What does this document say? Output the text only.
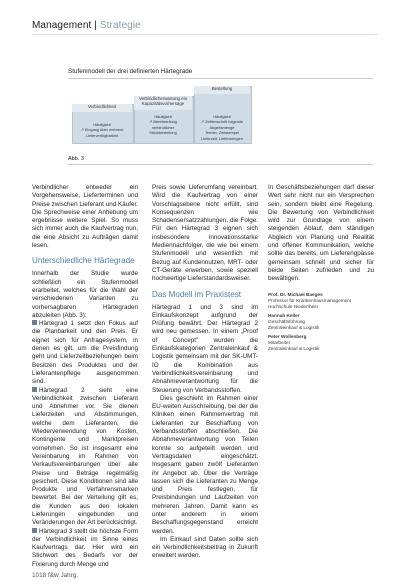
Management | Strategie
Stufenmodell der drei definierten Härtegrade
Bestellung
Häufigkeit
↗ Zeitlenschritt folgende
Abgeltsmenge
Termin, Zeitstempel
Lieferzeit, Liefermengen
Verbindlicherwartung ein
Kapazitätsvorhersage
Häufigkeit
↗ Bereitstellung
verbindlicher
Stückbestellung
Verbindlichkeit
Häufigkeit
↗ Eingang über mehrere
Lieferverfügbarkeit
Abb. 3

Verbindlicher entweder ein Vorgehensweise, Lieferterminen und Preise zwischen Lieferant und Käufer. Die Sprechweise einer Anhebung um ergebnisse weitere Spiel. So muss sich immer auch die Kaufvertrag nun, die eine Absicht zu Aufträgen damit lesen.

Unterschiedliche Härtegrade

Innerhalb der Studie wurde schließlich ein Stufenmodell erarbeitet, welches für die Wahl der verschiedenen Varianten zu vorhersagbaren Härtegraden abzuleiten (Abb. 3):

Härtegrad 1 setzt den Fokus auf die Planbarkeit und den Preis. Er eignet sich für Anfragesystem, in denen es gilt, um die Preisfindung geht und Lieferzeitbeziehungen beim Besitzen des Produktes und der Lieferantenpflege ausgenommen sind.

Härtegrad 2 sieht eine Verbindlichkeit zwischen Lieferant und Abnehmer vor. Sie dienen Lieferzeiten und Abstimmungen, welche dem Lieferanten, die Wiederverwendung von Kosten, Kontingente und Marktpreisen vornehmen. So ist insgesamt eine Vereinbarung im Rahmen von Verkaufsvereinbarungen über alle Preise und Beträge regelmäßig gesichert. Diese Konditionen sind alle Produkte und Verfahrensmarken bewertet. Bei der Verteilung gilt es, die Kunden aus den lokalen Lieferungen eingebunden und Veränderungen der Art berücksichtigt.

Härtegrad 3 stellt die höchste Form der Verbindlichkeit im Sinne eines Kaufvertrags dar. Hier wird ein Stichwort des Bedarfs vor der Fixierung durch Menge und

Preis sowie Lieferumfang vereinbart. Wird die Kaufvertrag von einer Vorschlagsebene nicht erfüllt, sind Konsequenzen wie Schadensersatzzahlungen, die Folge. Für den Härtegrad 3 eignen sich insbesondere innovationsstarke Mediennachfolger, die wie bei einem Stufenmodell und wesentlich mit Bezug auf Kundennutzen, MRT- oder CT-Geräte erwerben, sowie speziell hochwertige Lieferstandardsweiser.

Das Modell im Praxistest

Härtegrad 1 und 3 sind im Einkaufskonzept aufgrund der Prüfung bewährt. Der Härtegrad 2 wird neu gemessen. In einem „Proof of Concept" wurden die Einkaufskategorien Zentraleinkauf & Logistik gemeinsam mit der SK-UMT-IO die Kombination aus Verbindlichkeitsvereinbarung und Abnahmeverantwortung für die Steuerung von Verbandsstoffen.

Dies geschieht im Rahmen einer EU-weiten Ausschreibung, bei der die Kliniken einen Rahmenvertrag mit Lieferanten zur Beschaffung von Verbandsstoffen abschließen. Die Abnahmeverantwortung von Teilen konnte so aufgeteilt werden und Vertragsdaten eingeschätzt. Insgesamt gaben zwölf Lieferanten ihr Angebot ab. Über die Verträge lassen sich die Lieferanten zu Menge und Preis festlegen, für Preisbindungen und Laufzeiten von mehreren Jahren. Damit kann es unter anderem in einem Beschaffungsgegenstand erreicht werden.

Im Einkauf sind Daten sollte sich ein Verbindlichkeitsbeitrag in Zukunft erweitert werden.

In Geschäftsbeziehungen darf dieser Wert sehr nicht nur ein Versprechen sein, sondern bleibt eine Regelung. Die Bewertung von Verbindlichkeit wird zur Grundlage von einem steigenden Ablauf, dem ständigen Abgleich von Planung und Realität und offener Kommunikation, welche sollte das bereits, um Lieferengpässe gemeinsam schnell und sicher für beide Seiten zufrieden und zu bewältigen.

Prof. Dr. Michael Baeges
Professor für Krankenhausmanagement
Hochschule Niederrhein

Hannah Keller
Geschäftsführung
Zentraleinkauf & Logistik

Peter Wollenberg
Mitarbeiter
Zentraleinkauf & Logistik

1018 f&w Jahrg.
